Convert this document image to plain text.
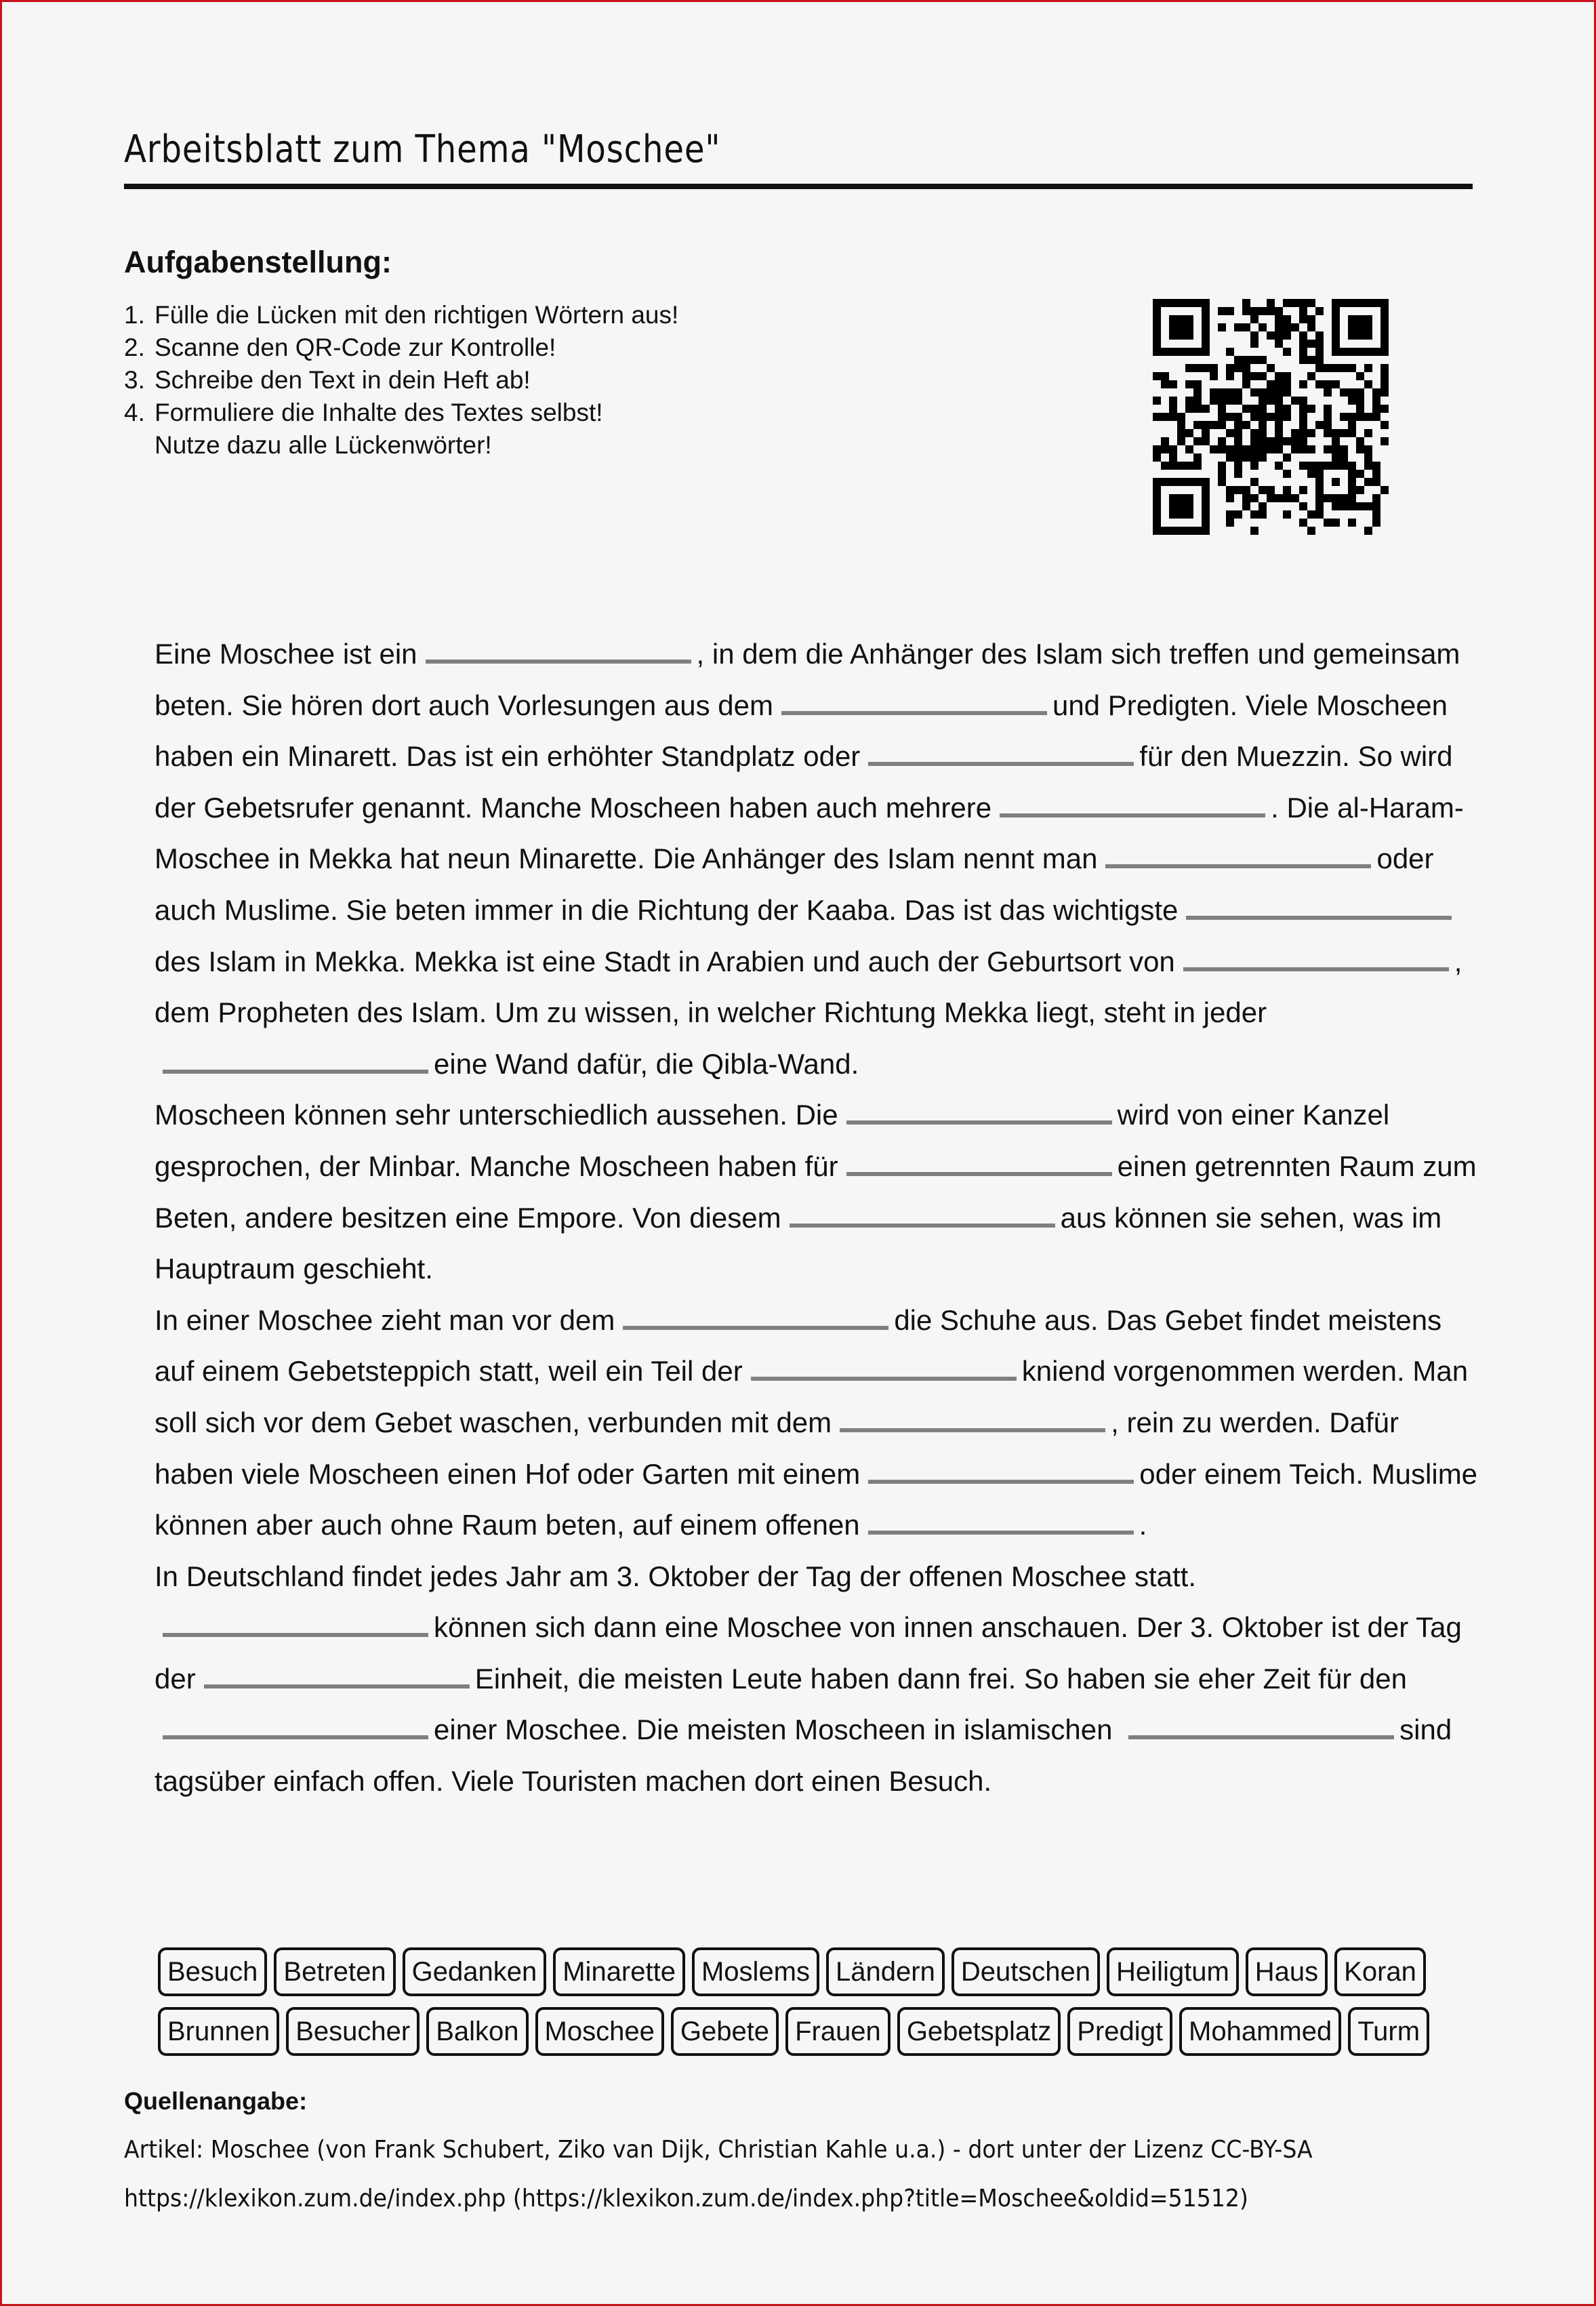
Arbeitsblatt zum Thema "Moschee"
Aufgabenstellung:
1. Fülle die Lücken mit den richtigen Wörtern aus!
2. Scanne den QR-Code zur Kontrolle!
3. Schreibe den Text in dein Heft ab!
4. Formuliere die Inhalte des Textes selbst!
Nutze dazu alle Lückenwörter!

Eine Moschee ist ein	, in dem die Anhänger des Islam sich treffen und gemeinsam beten. Sie hören dort auch Vorlesungen aus dem	und Predigten. Viele Moscheen haben ein Minarett. Das ist ein erhöhter Standplatz oder	für den Muezzin. So wird der Gebetsrufer genannt. Manche Moscheen haben auch mehrere	. Die al-Haram-Moschee in Mekka hat neun Minarette. Die Anhänger des Islam nennt man	oder auch Muslime. Sie beten immer in die Richtung der Kaaba. Das ist das wichtigstedes Islam in Mekka. Mekka ist eine Stadt in Arabien und auch der Geburtsort von	, dem Propheten des Islam. Um zu wissen, in welcher Richtung Mekka liegt, steht in jedereine Wand dafür, die Qibla-Wand.

Moscheen können sehr unterschiedlich aussehen. Die	wird von einer Kanzel gesprochen, der Minbar. Manche Moscheen haben für	einen getrennten Raum zum Beten, andere besitzen eine Empore. Von diesem	aus können sie sehen, was im Hauptraum geschieht.

In einer Moschee zieht man vor dem	die Schuhe aus. Das Gebet findet meistens auf einem Gebetsteppich statt, weil ein Teil der	kniend vorgenommen werden. Man soll sich vor dem Gebet waschen, verbunden mit dem	, rein zu werden. Dafür haben viele Moscheen einen Hof oder Garten mit einem	oder einem Teich. Muslime können aber auch ohne Raum beten, auf einem offenen	.

In Deutschland findet jedes Jahr am 3. Oktober der Tag der offenen Moschee statt. können sich dann eine Moschee von innen anschauen. Der 3. Oktober ist der Tag der	Einheit, die meisten Leute haben dann frei. So haben sie eher Zeit für deneiner Moschee. Die meisten Moscheen in islamischen	sind tagsüber einfach offen. Viele Touristen machen dort einen Besuch.

Besuch Betreten Gedanken Minarette Moslems Ländern Deutschen Heiligtum Haus Koran
Brunnen Besucher Balkon Moschee Gebete Frauen Gebetsplatz Predigt Mohammed Turm
Quellenangabe:
Artikel: Moschee (von Frank Schubert, Ziko van Dijk, Christian Kahle u.a.) - dort unter der Lizenz CC-BY-SA
https://klexikon.zum.de/index.php (https://klexikon.zum.de/index.php?title=Moschee&oldid=51512)
